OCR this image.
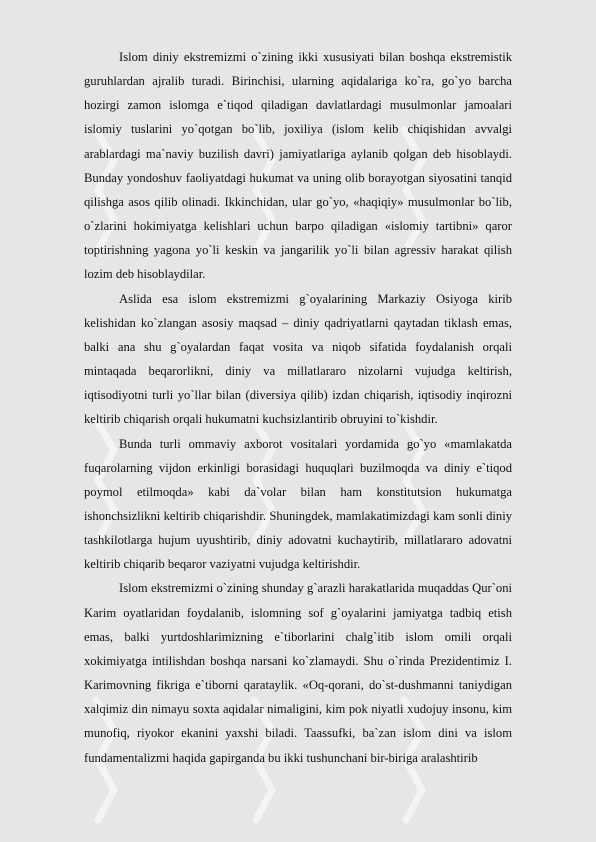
Islom diniy ekstremizmi o`zining ikki xususiyati bilan boshqa ekstremistik guruhlardan ajralib turadi. Birinchisi, ularning aqidalariga ko`ra, go`yo barcha hozirgi zamon islomga e`tiqod qiladigan davlatlardagi musulmonlar jamoalari islomiy tuslarini yo`qotgan bo`lib, joxiliya (islom kelib chiqishidan avvalgi arablardagi ma`naviy buzilish davri) jamiyatlariga aylanib qolgan deb hisoblaydi. Bunday yondoshuv faoliyatdagi hukumat va uning olib borayotgan siyosatini tanqid qilishga asos qilib olinadi. Ikkinchidan, ular go`yo, «haqiqiy» musulmonlar bo`lib, o`zlarini hokimiyatga kelishlari uchun barpo qiladigan «islomiy tartibni» qaror toptirishning yagona yo`li keskin va jangarilik yo`li bilan agressiv harakat qilish lozim deb hisoblaydilar.

Aslida esa islom ekstremizmi g`oyalarining Markaziy Osiyoga kirib kelishidan ko`zlangan asosiy maqsad – diniy qadriyatlarni qaytadan tiklash emas, balki ana shu g`oyalardan faqat vosita va niqob sifatida foydalanish orqali mintaqada beqarorlikni, diniy va millatlararo nizolarni vujudga keltirish, iqtisodiyotni turli yo`llar bilan (diversiya qilib) izdan chiqarish, iqtisodiy inqirozni keltirib chiqarish orqali hukumatni kuchsizlantirib obruyini to`kishdir.

Bunda turli ommaviy axborot vositalari yordamida go`yo «mamlakatda fuqarolarning vijdon erkinligi borasidagi huquqlari buzilmoqda va diniy e`tiqod poymol etilmoqda» kabi da`volar bilan ham konstitutsion hukumatga ishonchsizlikni keltirib chiqarishdir. Shuningdek, mamlakatimizdagi kam sonli diniy tashkilotlarga hujum uyushtirib, diniy adovatni kuchaytirib, millatlararo adovatni keltirib chiqarib beqaror vaziyatni vujudga keltirishdir.

Islom ekstremizmi o`zining shunday g`arazli harakatlarida muqaddas Qur`oni Karim oyatlaridan foydalanib, islomning sof g`oyalarini jamiyatga tadbiq etish emas, balki yurtdoshlarimizning e`tiborlarini chalg`itib islom omili orqali xokimiyatga intilishdan boshqa narsani ko`zlamaydi. Shu o`rinda Prezidentimiz I. Karimovning fikriga e`tiborni qarataylik. «Oq-qorani, do`st-dushmanni taniydigan xalqimiz din nimayu soxta aqidalar nimaligini, kim pok niyatli xudojuy insonu, kim munofiq, riyokor ekanini yaxshi biladi. Taassufki, ba`zan islom dini va islom fundamentalizmi haqida gapirganda bu ikki tushunchani bir-biriga aralashtirib
